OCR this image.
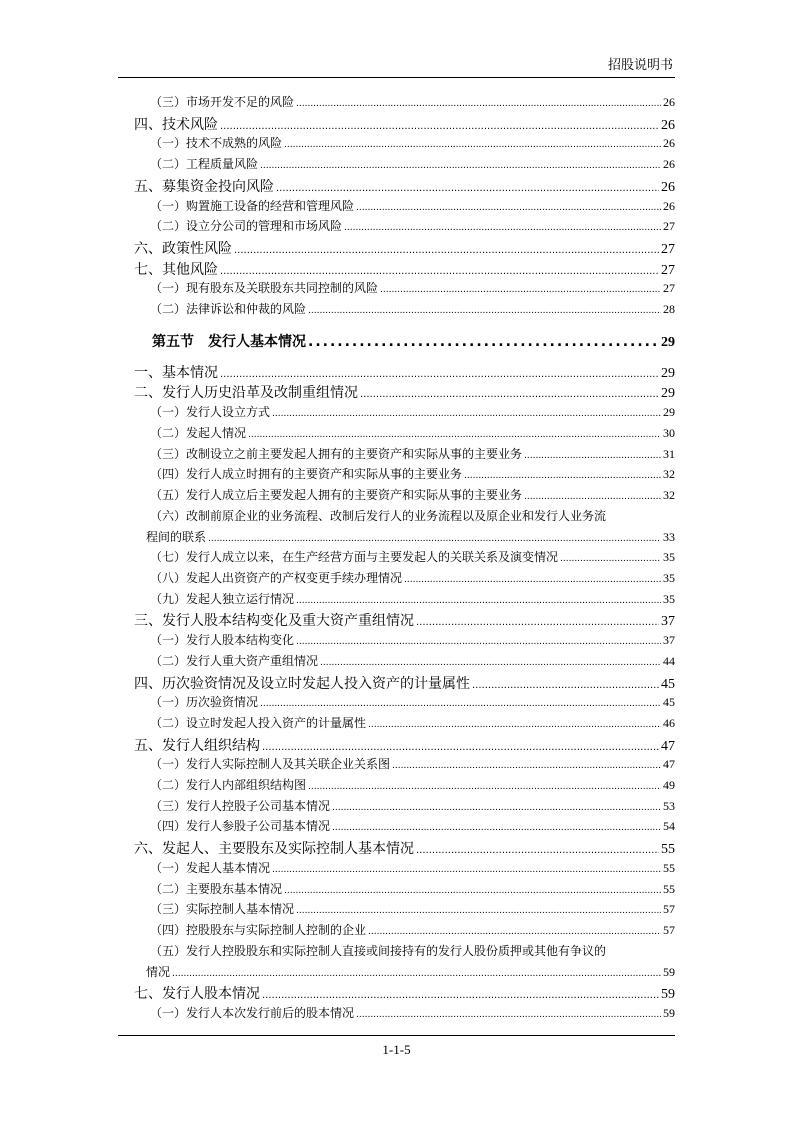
招股说明书
（三）市场开发不足的风险 .....	26
四、技术风险 .....	26
（一）技术不成熟的风险 .....	26
（二）工程质量风险 .....	26
五、募集资金投向风险 .....	26
（一）购置施工设备的经营和管理风险 .....	26
（二）设立分公司的管理和市场风险 .....	27
六、政策性风险 .....	27
七、其他风险 .....	27
（一）现有股东及关联股东共同控制的风险 .....	27
（二）法律诉讼和仲裁的风险 .....	28
第五节　发行人基本情况 .....	29
一、基本情况 .....	29
二、发行人历史沿革及改制重组情况 .....	29
（一）发行人设立方式 .....	29
（二）发起人情况 .....	30
（三）改制设立之前主要发起人拥有的主要资产和实际从事的主要业务 .....	31
（四）发行人成立时拥有的主要资产和实际从事的主要业务 .....	32
（五）发行人成立后主要发起人拥有的主要资产和实际从事的主要业务 .....	32
（六）改制前原企业的业务流程、改制后发行人的业务流程以及原企业和发行人业务流
程间的联系 .....	33
（七）发行人成立以来，在生产经营方面与主要发起人的关联关系及演变情况 .....	35
（八）发起人出资资产的产权变更手续办理情况 .....	35
（九）发起人独立运行情况 .....	35
三、发行人股本结构变化及重大资产重组情况 .....	37
（一）发行人股本结构变化 .....	37
（二）发行人重大资产重组情况 .....	44
四、历次验资情况及设立时发起人投入资产的计量属性 .....	45
（一）历次验资情况 .....	45
（二）设立时发起人投入资产的计量属性 .....	46
五、发行人组织结构 .....	47
（一）发行人实际控制人及其关联企业关系图 .....	47
（二）发行人内部组织结构图 .....	49
（三）发行人控股子公司基本情况 .....	53
（四）发行人参股子公司基本情况 .....	54
六、发起人、主要股东及实际控制人基本情况 .....	55
（一）发起人基本情况 .....	55
（二）主要股东基本情况 .....	55
（三）实际控制人基本情况 .....	57
（四）控股股东与实际控制人控制的企业 .....	57
（五）发行人控股股东和实际控制人直接或间接持有的发行人股份质押或其他有争议的
情况 .....	59
七、发行人股本情况 .....	59
（一）发行人本次发行前后的股本情况 .....	59
1-1-5
